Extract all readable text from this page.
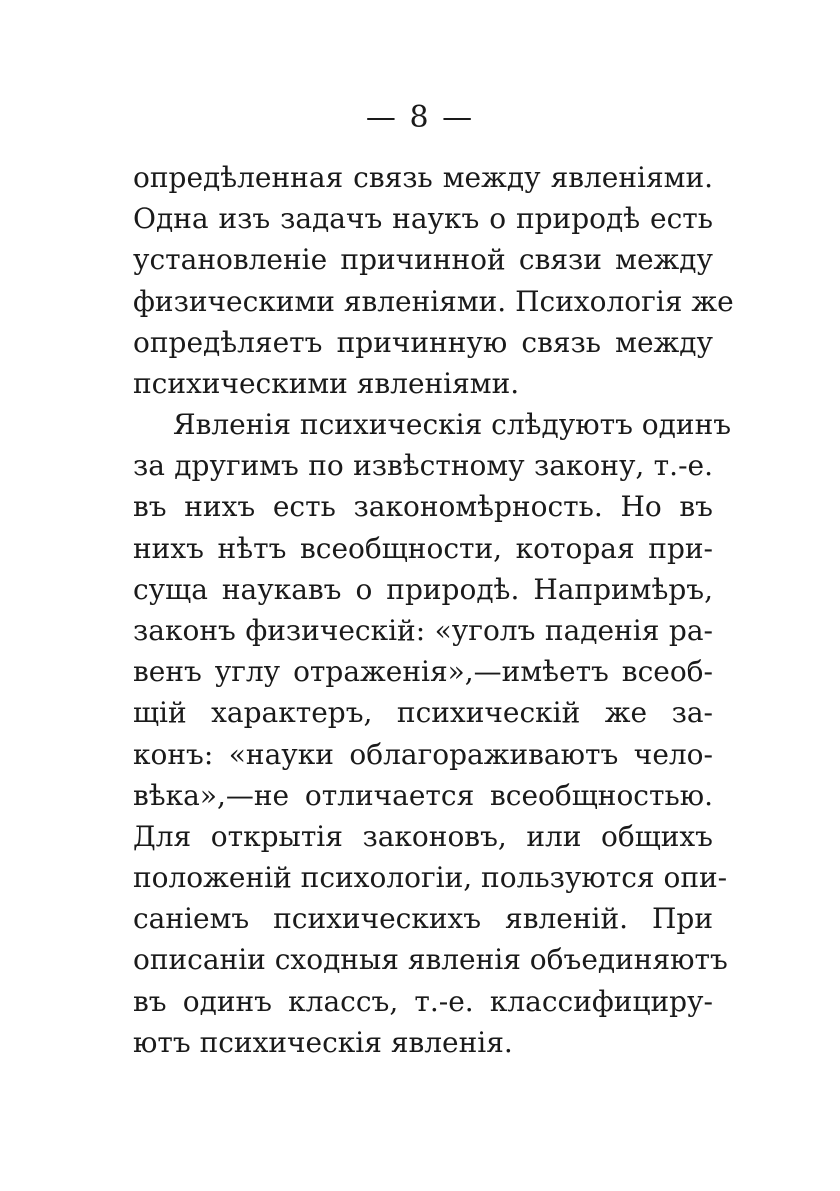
— 8 —
опредѣленная связь между явленіями.
Одна изъ задачъ наукъ о природѣ есть
установленіе причинной связи между
физическими явленіями. Психологія же
опредѣляетъ причинную связь между
психическими явленіями.
Явленія психическія слѣдуютъ одинъ
за другимъ по извѣстному закону, т.-е.
въ нихъ есть закономѣрность. Но въ
нихъ нѣтъ всеобщности, которая при-
суща наукавъ о природѣ. Напримѣръ,
законъ физическій: «уголъ паденія ра-
венъ углу отраженія»,—имѣетъ всеоб-
щій характеръ, психическій же за-
конъ: «науки облагораживаютъ чело-
вѣка»,—не отличается всеобщностью.
Для открытія законовъ, или общихъ
положеній психологіи, пользуются опи-
саніемъ психическихъ явленій. При
описаніи сходныя явленія объединяютъ
въ одинъ классъ, т.-е. классифициру-
ютъ психическія явленія.
